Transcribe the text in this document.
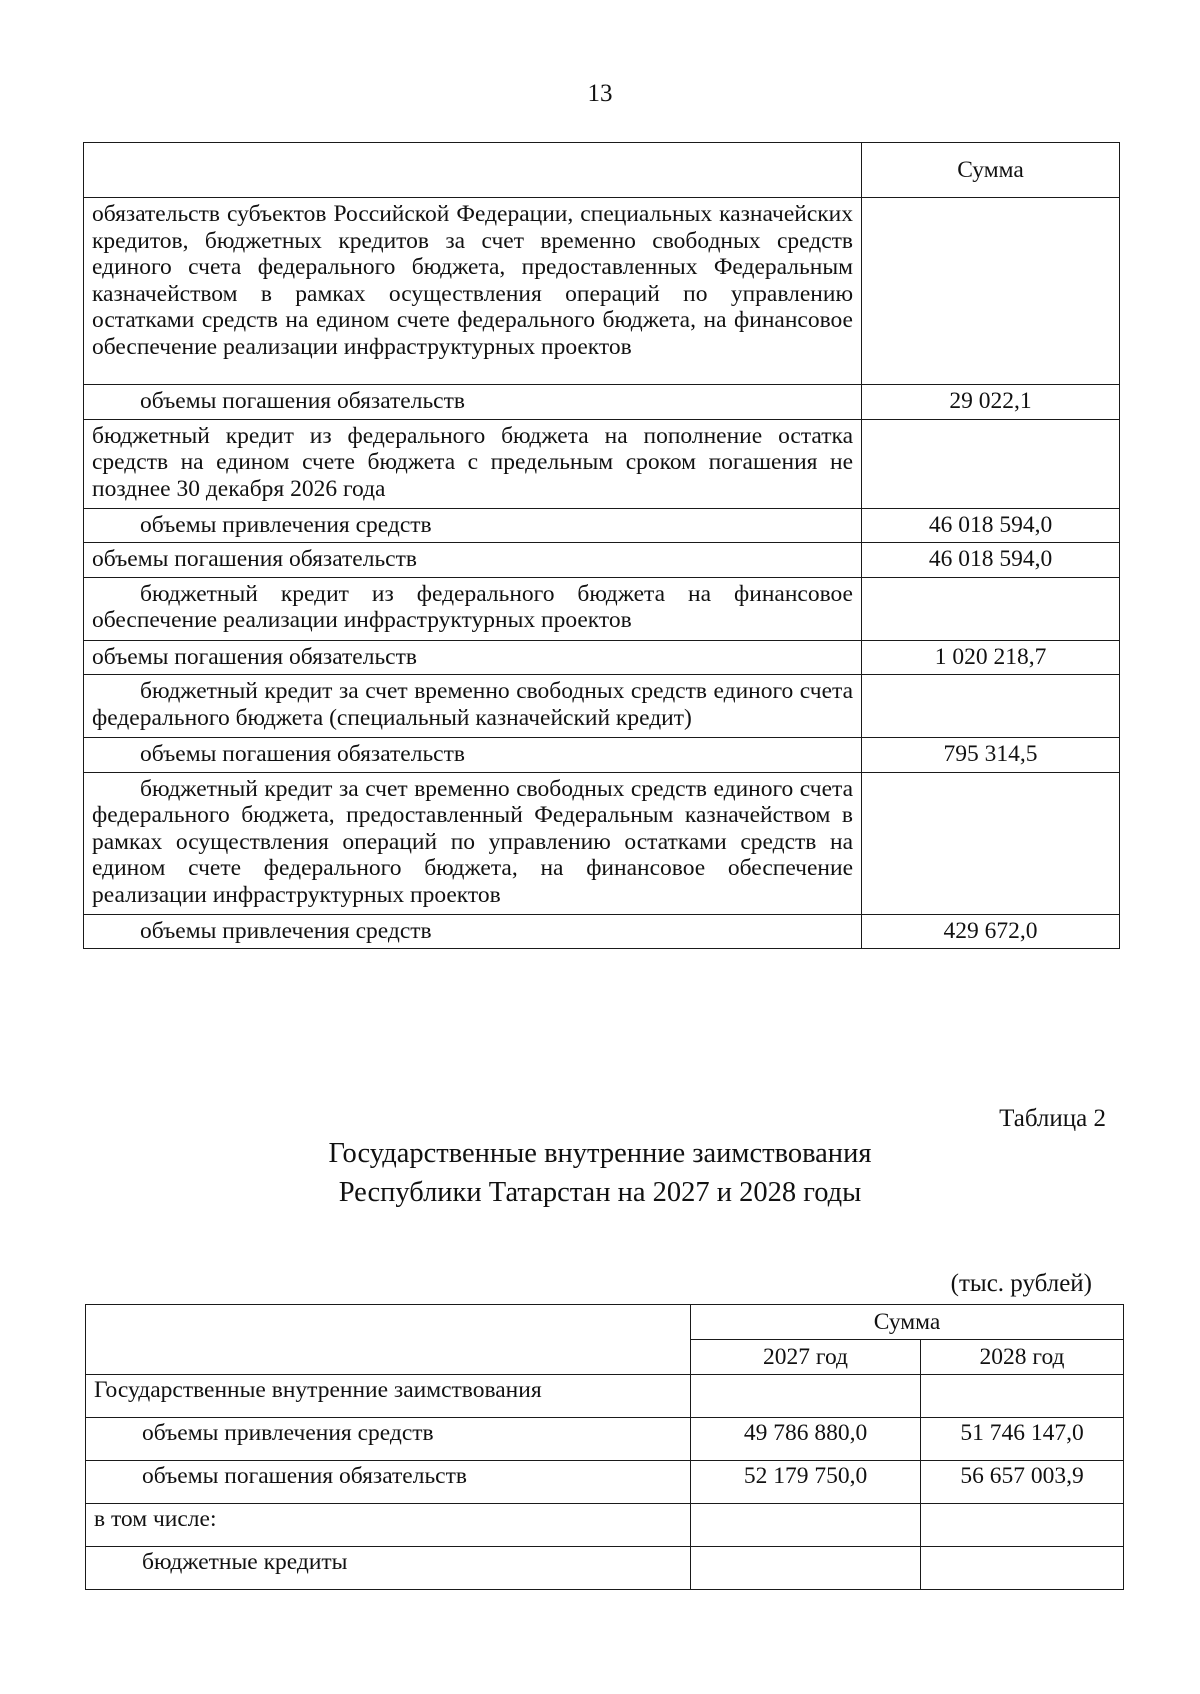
13
	Сумма
обязательств субъектов Российской Федерации, специальных казначейских кредитов, бюджетных кредитов за счет временно свободных средств единого счета федерального бюджета, предоставленных Федеральным казначейством в рамках осуществления операций по управлению остатками средств на едином счете федерального бюджета, на финансовое обеспечение реализации инфраструктурных проектов	
объемы погашения обязательств	29 022,1
бюджетный кредит из федерального бюджета на пополнение остатка средств на едином счете бюджета с предельным сроком погашения не позднее 30 декабря 2026 года	
объемы привлечения средств	46 018 594,0
объемы погашения обязательств	46 018 594,0
бюджетный кредит из федерального бюджета на финансовое обеспечение реализации инфраструктурных проектов	
объемы погашения обязательств	1 020 218,7
бюджетный кредит за счет временно свободных средств единого счета федерального бюджета (специальный казначейский кредит)	
объемы погашения обязательств	795 314,5
бюджетный кредит за счет временно свободных средств единого счета федерального бюджета, предоставленный Федеральным казначейством в рамках осуществления операций по управлению остатками средств на едином счете федерального бюджета, на финансовое обеспечение реализации инфраструктурных проектов	
объемы привлечения средств	429 672,0
Таблица 2
Государственные внутренние заимствования
Республики Татарстан на 2027 и 2028 годы
(тыс. рублей)
	Сумма	
	2027 год	2028 год
Государственные внутренние заимствования		
объемы привлечения средств	49 786 880,0	51 746 147,0
объемы погашения обязательств	52 179 750,0	56 657 003,9
в том числе:		
бюджетные кредиты		
